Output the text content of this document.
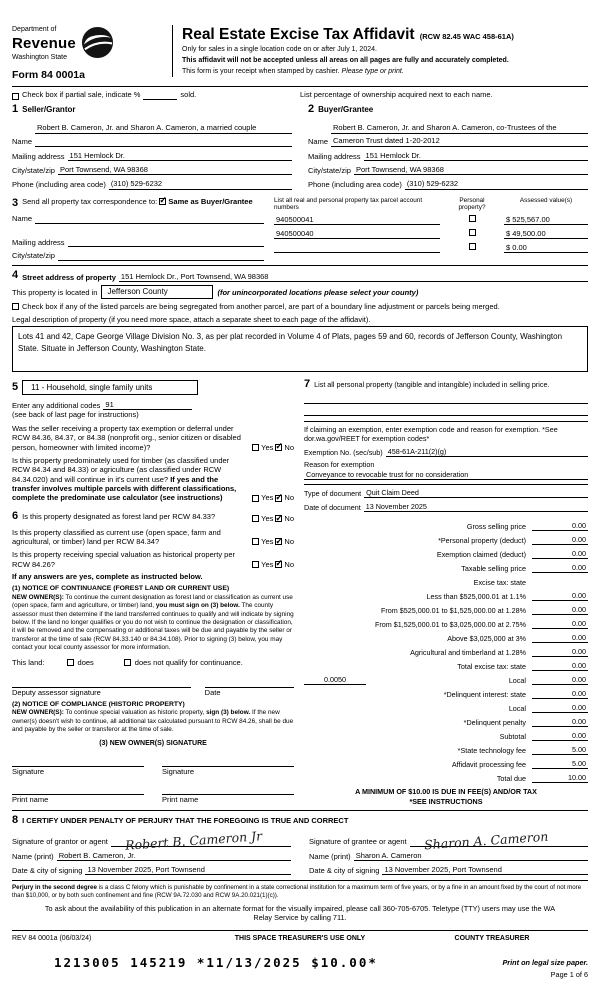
Department of
Revenue
Washington State
Form 84 0001a
Real Estate Excise Tax Affidavit (RCW 82.45 WAC 458-61A)
Only for sales in a single location code on or after July 1, 2024.
This affidavit will not be accepted unless all areas on all pages are fully and accurately completed.
This form is your receipt when stamped by cashier. Please type or print.
Check box if partial sale, indicate %	sold.	List percentage of ownership acquired next to each name.
1 Seller/Grantor
Name
Robert B. Cameron, Jr. and Sharon A. Cameron, a married couple
Mailing address 151 Hemlock Dr.
City/state/zip Port Townsend, WA 98368
Phone (including area code) (310) 529-6232
2 Buyer/Grantee
Name
Robert B. Cameron, Jr. and Sharon A. Cameron, co-Trustees of the Cameron Trust dated 1-20-2012
Mailing address 151 Hemlock Dr.
City/state/zip Port Townsend, WA 98368
Phone (including area code) (310) 529-6232
3 Send all property tax correspondence to: ✓ Same as Buyer/Grantee
Name
Mailing address
City/state/zip
List all real and personal property tax parcel account numbers
Personal property?
Assessed value(s)
940500041	$ 525,567.00
940500040	$ 49,500.00
$ 0.00
4 Street address of property 151 Hemlock Dr., Port Townsend, WA 98368
This property is located in	Jefferson County	(for unincorporated locations please select your county)
Check box if any of the listed parcels are being segregated from another parcel, are part of a boundary line adjustment or parcels being merged.
Legal description of property (if you need more space, attach a separate sheet to each page of the affidavit).
Lots 41 and 42, Cape George Village Division No. 3, as per plat recorded in Volume 4 of Plats, pages 59 and 60, records of Jefferson County, Washington State. Situate in Jefferson County, Washington State.
5	11 - Household, single family units
Enter any additional codes 91
(see back of last page for instructions)
Was the seller receiving a property tax exemption or deferral under RCW 84.36, 84.37, or 84.38 (nonprofit org., senior citizen or disabled person, homeowner with limited income)?	Yes ✓ No
Is this property predominately used for timber (as classified under RCW 84.34 and 84.33) or agriculture (as classified under RCW 84.34.020) and will continue in it's current use? If yes and the transfer involves multiple parcels with different classifications, complete the predominate use calculator (see instructions)	Yes ✓ No
6 Is this property designated as forest land per RCW 84.33?	Yes ✓ No
Is this property classified as current use (open space, farm and agricultural, or timber) land per RCW 84.34?	Yes ✓ No
Is this property receiving special valuation as historical property per RCW 84.26?	Yes ✓ No
If any answers are yes, complete as instructed below.
(1) NOTICE OF CONTINUANCE (FOREST LAND OR CURRENT USE)
NEW OWNER(S): To continue the current designation as forest land or classification as current use (open space, farm and agriculture, or timber) land, you must sign on (3) below. The county assessor must then determine if the land transferred continues to qualify and will indicate by signing below. If the land no longer qualifies or you do not wish to continue the designation or classification, it will be removed and the compensating or additional taxes will be due and payable by the seller or transferor at the time of sale (RCW 84.33.140 or 84.34.108). Prior to signing (3) below, you may contact your local county assessor for more information.
This land:	does	does not qualify for continuance.
Deputy assessor signature	Date
(2) NOTICE OF COMPLIANCE (HISTORIC PROPERTY)
NEW OWNER(S): To continue special valuation as historic property, sign (3) below. If the new owner(s) doesn't wish to continue, all additional tax calculated pursuant to RCW 84.26, shall be due and payable by the seller or transferor at the time of sale.
(3) NEW OWNER(S) SIGNATURE
Signature	Signature
Print name	Print name
7 List all personal property (tangible and intangible) included in selling price.
If claiming an exemption, enter exemption code and reason for exemption. *See dor.wa.gov/REET for exemption codes*
Exemption No. (sec/sub) 458-61A-211(2)(g)
Reason for exemption
Conveyance to revocable trust for no consideration
Type of document Quit Claim Deed
Date of document 13 November 2025
Gross selling price	0.00
*Personal property (deduct)	0.00
Exemption claimed (deduct)	0.00
Taxable selling price	0.00
Excise tax: state
Less than $525,000.01 at 1.1%	0.00
From $525,000.01 to $1,525,000.00 at 1.28%	0.00
From $1,525,000.01 to $3,025,000.00 at 2.75%	0.00
Above $3,025,000 at 3%	0.00
Agricultural and timberland at 1.28%	0.00
Total excise tax: state	0.00
0.0050	Local	0.00
*Delinquent interest: state	0.00
Local	0.00
*Delinquent penalty	0.00
Subtotal	0.00
*State technology fee	5.00
Affidavit processing fee	5.00
Total due	10.00
A MINIMUM OF $10.00 IS DUE IN FEE(S) AND/OR TAX
*SEE INSTRUCTIONS
8 I CERTIFY UNDER PENALTY OF PERJURY THAT THE FOREGOING IS TRUE AND CORRECT
Signature of grantor or agent Robert B. Cameron Jr
Name (print) Robert B. Cameron, Jr.
Date & city of signing 13 November 2025, Port Townsend
Signature of grantee or agent Sharon A. Cameron
Name (print) Sharon A. Cameron
Date & city of signing 13 November 2025, Port Townsend
Perjury in the second degree is a class C felony which is punishable by confinement in a state correctional institution for a maximum term of five years, or by a fine in an amount fixed by the court of not more than $10,000, or by both such confinement and fine (RCW 9A.72.030 and RCW 9A.20.021(1)(c)).
To ask about the availability of this publication in an alternate format for the visually impaired, please call 360-705-6705. Teletype (TTY) users may use the WA Relay Service by calling 711.
REV 84 0001a (06/03/24)	THIS SPACE TREASURER'S USE ONLY	COUNTY TREASURER
1213005 145219 *11/13/2025 $10.00*	Print on legal size paper.
Page 1 of 6
